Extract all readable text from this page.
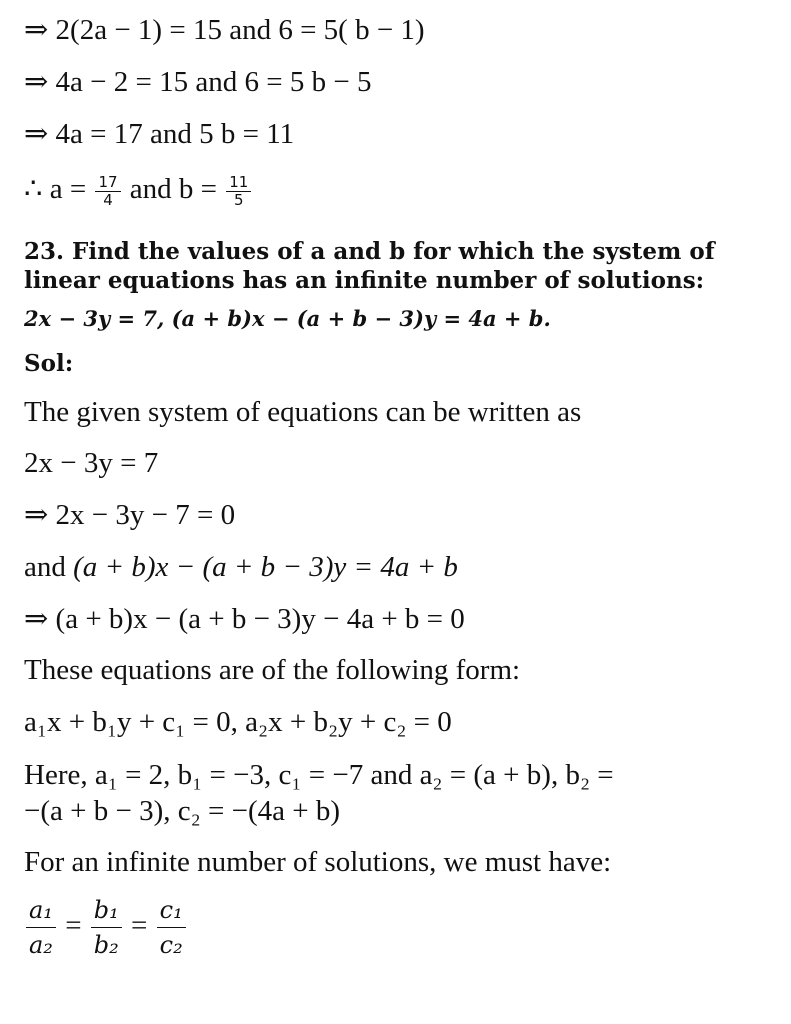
⇒ 2(2a − 1) = 15 and 6 = 5( b − 1)
⇒ 4a − 2 = 15 and 6 = 5 b − 5
⇒ 4a = 17 and 5 b = 11
∴ $a = \frac{17}{4}$ and $b = \frac{11}{5}$
23. Find the values of a and b for which the system of linear equations has an infinite number of solutions:
2x − 3y = 7, (a + b)x − (a + b − 3)y = 4a + b.
Sol:
The given system of equations can be written as
2x − 3y = 7
⇒ 2x − 3y − 7 = 0
and (a + b)x − (a + b − 3)y = 4a + b
⇒ (a + b)x − (a + b − 3)y − 4a + b = 0
These equations are of the following form:
a₁x + b₁y + c₁ = 0, a₂x + b₂y + c₂ = 0
Here, a₁ = 2, b₁ = −3, c₁ = −7 and a₂ = (a + b), b₂ =
−(a + b − 3), c₂ = −(4a + b)
For an infinite number of solutions, we must have:
$\frac{\text{a₁}}{\text{a₂}} = \frac{\text{b₁}}{\text{b₂}} = \frac{\text{c₁}}{\text{c₂}}$
